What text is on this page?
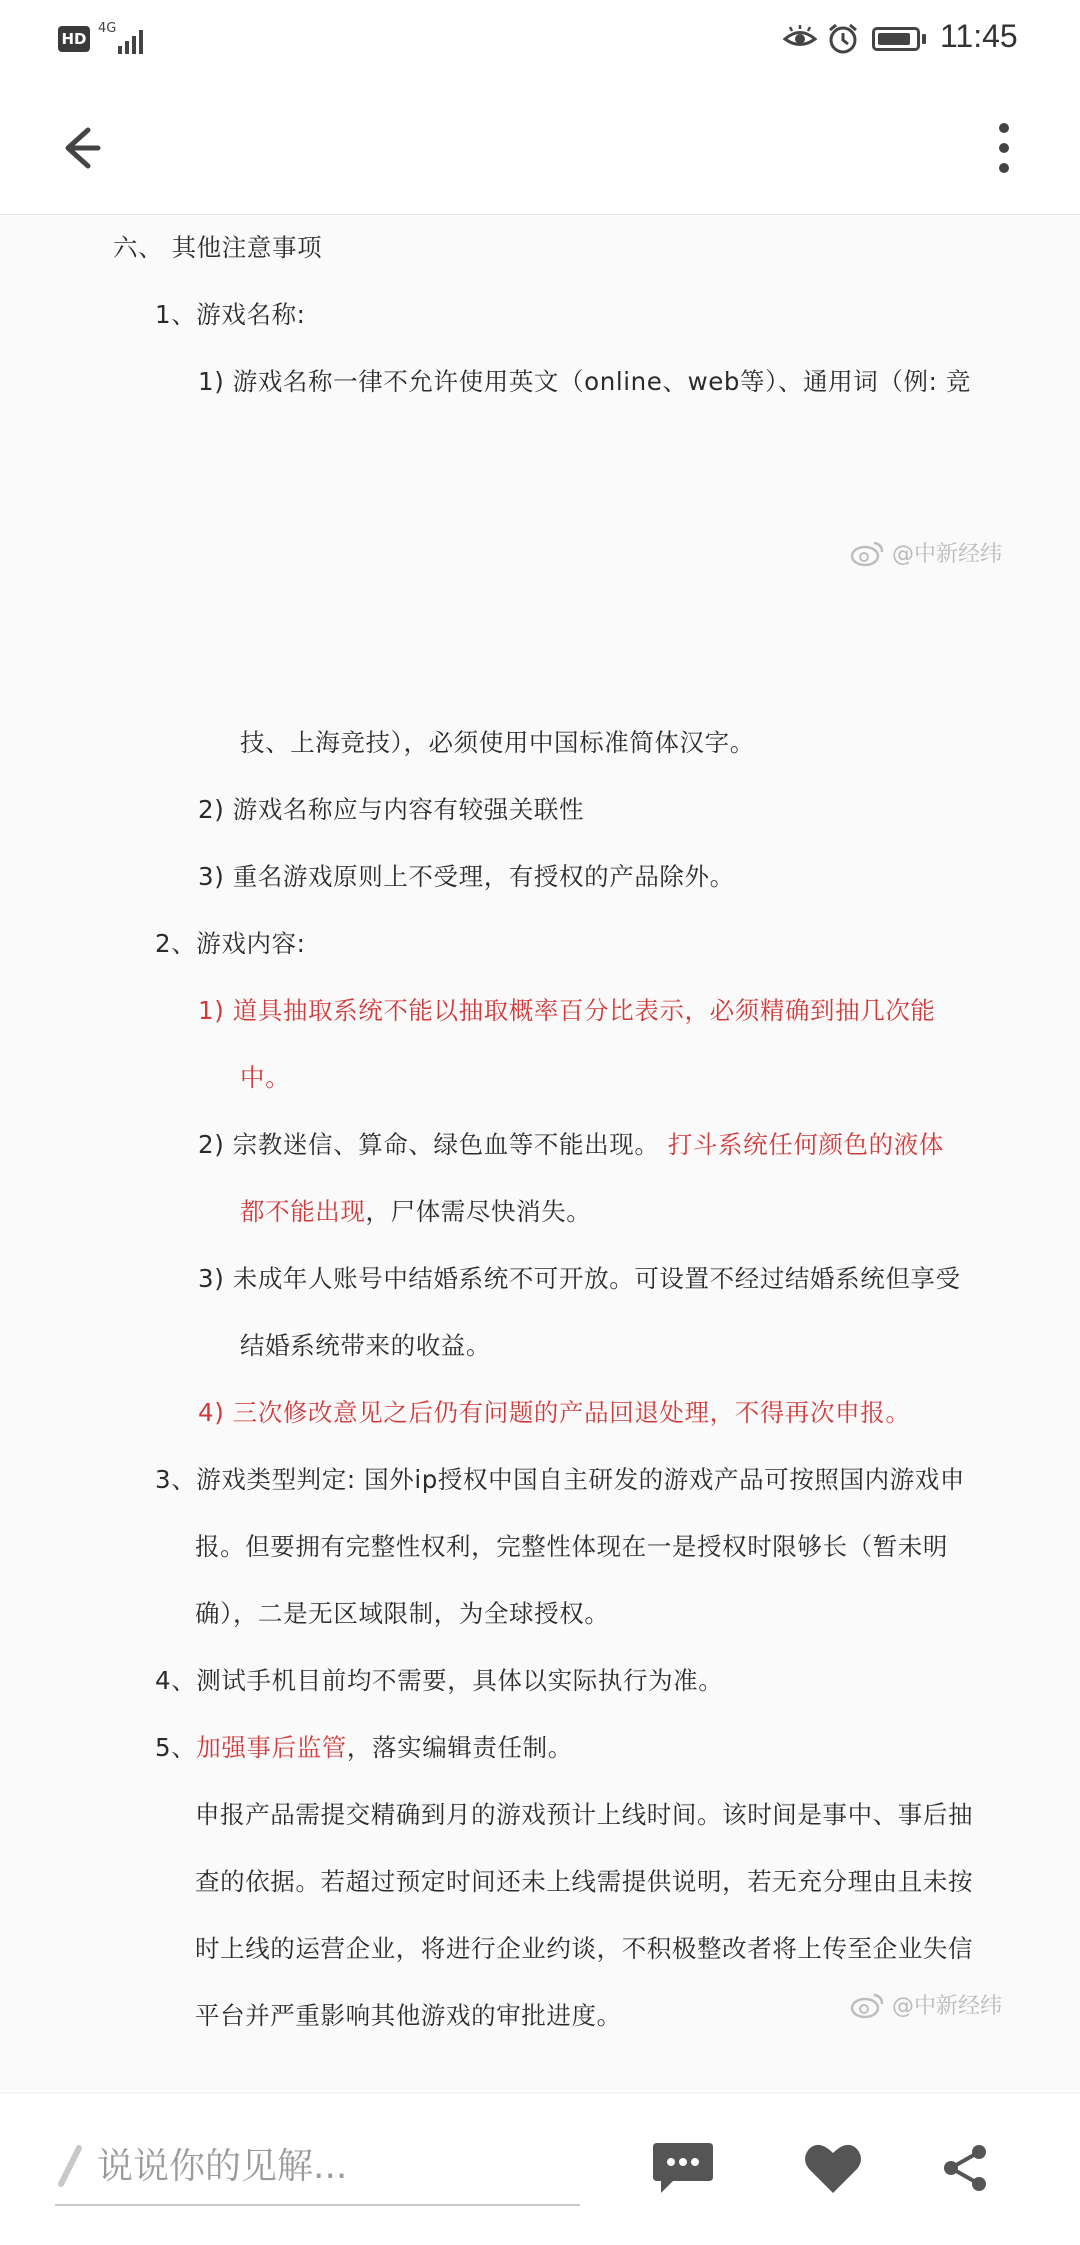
HD
4G	11:45
六、 其他注意事项
1、游戏名称:
1) 游戏名称一律不允许使用英文（online、web等）、通用词（例: 竞
@中新经纬
技、上海竞技），必须使用中国标准简体汉字。
2) 游戏名称应与内容有较强关联性
3) 重名游戏原则上不受理，有授权的产品除外。
2、游戏内容:
1) 道具抽取系统不能以抽取概率百分比表示，必须精确到抽几次能
中。
2) 宗教迷信、算命、绿色血等不能出现。 打斗系统任何颜色的液体
都不能出现，尸体需尽快消失。
3) 未成年人账号中结婚系统不可开放。可设置不经过结婚系统但享受
结婚系统带来的收益。
4) 三次修改意见之后仍有问题的产品回退处理，不得再次申报。
3、游戏类型判定: 国外ip授权中国自主研发的游戏产品可按照国内游戏申
报。但要拥有完整性权利，完整性体现在一是授权时限够长（暂未明
确），二是无区域限制，为全球授权。
4、测试手机目前均不需要，具体以实际执行为准。
5、加强事后监管，落实编辑责任制。
申报产品需提交精确到月的游戏预计上线时间。该时间是事中、事后抽
查的依据。若超过预定时间还未上线需提供说明，若无充分理由且未按
时上线的运营企业，将进行企业约谈，不积极整改者将上传至企业失信
平台并严重影响其他游戏的审批进度。	@中新经纬
说说你的见解...
